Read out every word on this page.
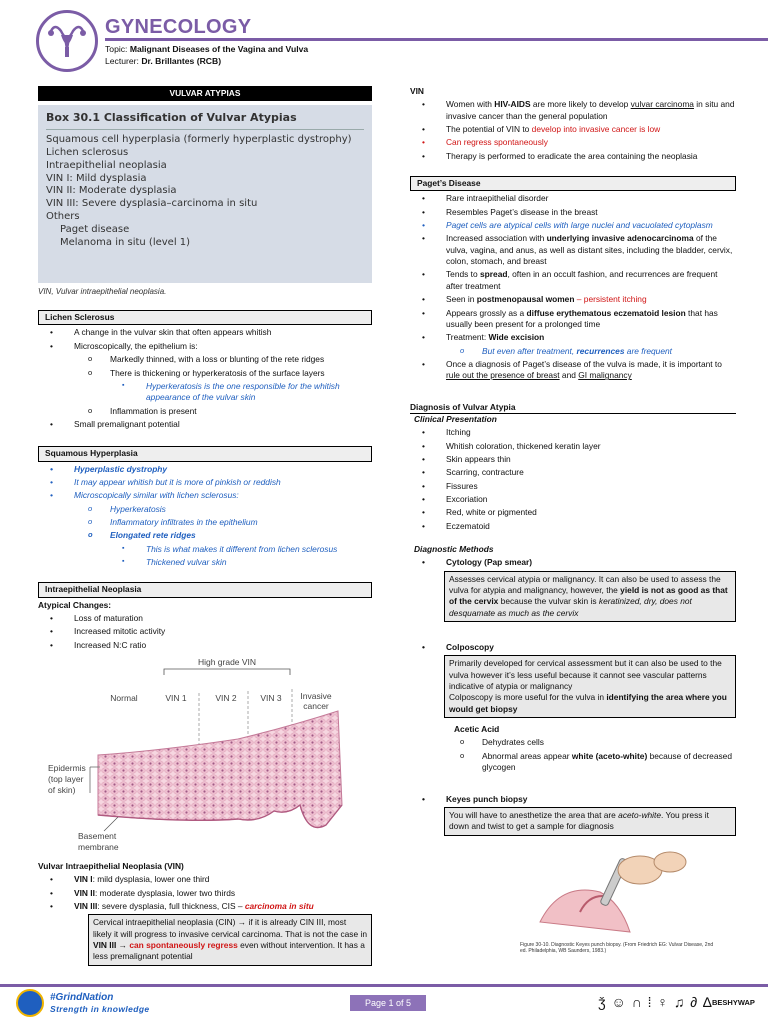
GYNECOLOGY
Topic: Malignant Diseases of the Vagina and Vulva
Lecturer: Dr. Brillantes (RCB)
VULVAR ATYPIAS
Box 30.1 Classification of Vulvar Atypias
Squamous cell hyperplasia (formerly hyperplastic dystrophy)
Lichen sclerosus
Intraepithelial neoplasia
VIN I: Mild dysplasia
VIN II: Moderate dysplasia
VIN III: Severe dysplasia–carcinoma in situ
Others
Paget disease
Melanoma in situ (level 1)
VIN, Vulvar intraepithelial neoplasia.
Lichen Sclerosus
• A change in the vulvar skin that often appears whitish
• Microscopically, the epithelium is:
o Markedly thinned, with a loss or blunting of the rete ridges
o There is thickening or hyperkeratosis of the surface layers
▪ Hyperkeratosis is the one responsible for the whitish appearance of the vulvar skin
o Inflammation is present
• Small premalignant potential
Squamous Hyperplasia
• Hyperplastic dystrophy
• It may appear whitish but it is more of pinkish or reddish
• Microscopically similar with lichen sclerosus:
o Hyperkeratosis
o Inflammatory infiltrates in the epithelium
o Elongated rete ridges
▪ This is what makes it different from lichen sclerosus
▪ Thickened vulvar skin
Intraepithelial Neoplasia
Atypical Changes:
• Loss of maturation
• Increased mitotic activity
• Increased N:C ratio
High grade VIN
Normal	VIN 1	VIN 2	VIN 3 Invasive
cancer
Epidermis
(top layer
of skin)
Basement
membrane
Vulvar Intraepithelial Neoplasia (VIN)
• VIN I: mild dysplasia, lower one third
• VIN II: moderate dysplasia, lower two thirds
• VIN III: severe dysplasia, full thickness, CIS – carcinoma in situ
Cervical intraepithelial neoplasia (CIN) → if it is already CIN III, most likely it will progress to invasive cervical carcinoma. That is not the case in VIN III → can spontaneously regress even without intervention. It has a less premalignant potential
VIN
• Women with HIV-AIDS are more likely to develop vulvar carcinoma in situ and invasive cancer than the general population
• The potential of VIN to develop into invasive cancer is low
• Can regress spontaneously
• Therapy is performed to eradicate the area containing the neoplasia
Paget’s Disease
• Rare intraepithelial disorder
• Resembles Paget’s disease in the breast
• Paget cells are atypical cells with large nuclei and vacuolated cytoplasm
• Increased association with underlying invasive adenocarcinoma of the vulva, vagina, and anus, as well as distant sites, including the bladder, cervix, colon, stomach, and breast
• Tends to spread, often in an occult fashion, and recurrences are frequent after treatment
• Seen in postmenopausal women – persistent itching
• Appears grossly as a diffuse erythematous eczematoid lesion that has usually been present for a prolonged time
• Treatment: Wide excision
o But even after treatment, recurrences are frequent
• Once a diagnosis of Paget’s disease of the vulva is made, it is important to rule out the presence of breast and GI malignancy
Diagnosis of Vulvar Atypia
Clinical Presentation
• Itching
• Whitish coloration, thickened keratin layer
• Skin appears thin
• Scarring, contracture
• Fissures
• Excoriation
• Red, white or pigmented
• Eczematoid
Diagnostic Methods
• Cytology (Pap smear)
Assesses cervical atypia or malignancy. It can also be used to assess the vulva for atypia and malignancy, however, the yield is not as good as that of the cervix because the vulvar skin is keratinized, dry, does not desquamate as much as the cervix
• Colposcopy
Primarily developed for cervical assessment but it can also be used to the vulva however it’s less useful because it cannot see vascular patterns indicative of atypia or malignancy
Colposcopy is more useful for the vulva in identifying the area where you would get biopsy
Acetic Acid
o Dehydrates cells
o Abnormal areas appear white (aceto-white) because of decreased glycogen
• Keyes punch biopsy
You will have to anesthetize the area that are aceto-white. You press it down and twist to get a sample for diagnosis
Figure 30-10. Diagnostic Keyes punch biopsy. (From Friedrich EG: Vulvar Disease, 2nd ed. Philadelphia, WB Saunders, 1983.)
#GrindNation
Strength in knowledge
Page 1 of 5	ǯ ☺ ∩ ⁞ ♀ ♫ ∂ ∆ BESHYWAP
